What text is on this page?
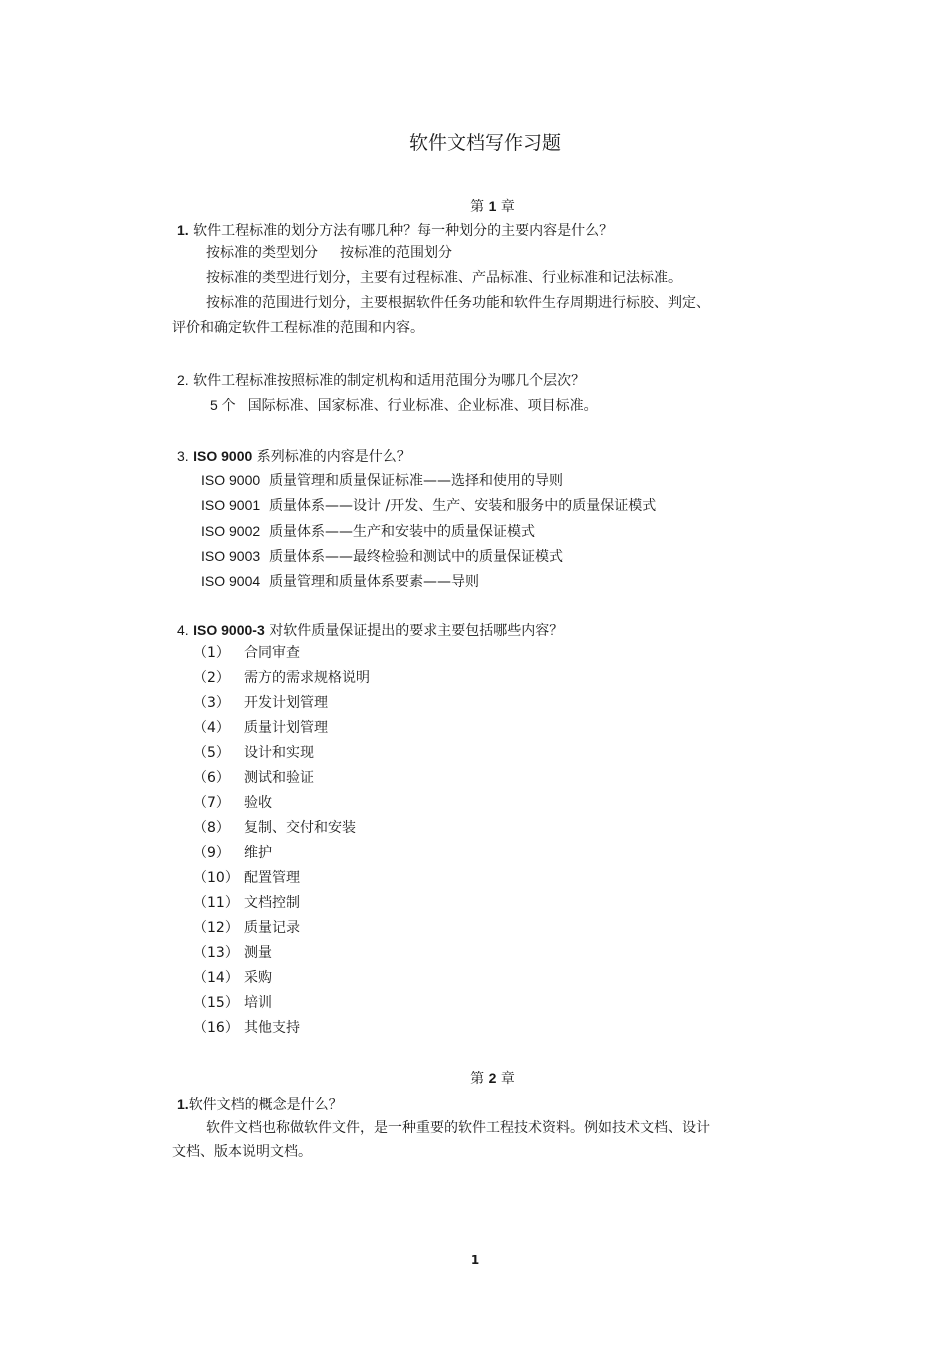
软件文档写作习题
第 1 章
1. 软件工程标准的划分方法有哪几种？每一种划分的主要内容是什么？
按标准的类型划分 按标准的范围划分
按标准的类型进行划分，主要有过程标准、产品标准、行业标准和记法标准。
按标准的范围进行划分，主要根据软件任务功能和软件生存周期进行标胶、判定、
评价和确定软件工程标准的范围和内容。
2. 软件工程标准按照标准的制定机构和适用范围分为哪几个层次？
5 个 国际标准、国家标准、行业标准、企业标准、项目标准。
3. ISO 9000 系列标准的内容是什么？
ISO 9000 质量管理和质量保证标准——选择和使用的导则
ISO 9001 质量体系——设计 /开发、生产、安装和服务中的质量保证模式
ISO 9002 质量体系——生产和安装中的质量保证模式
ISO 9003 质量体系——最终检验和测试中的质量保证模式
ISO 9004 质量管理和质量体系要素——导则
4. ISO 9000-3 对软件质量保证提出的要求主要包括哪些内容？
（1）	合同审查
（2）	需方的需求规格说明
（3）	开发计划管理
（4）	质量计划管理
（5）	设计和实现
（6）	测试和验证
（7）	验收
（8）	复制、交付和安装
（9）	维护
（10） 配置管理
（11） 文档控制
（12） 质量记录
（13） 测量
（14） 采购
（15） 培训
（16） 其他支持
第 2 章
1.软件文档的概念是什么？
软件文档也称做软件文件，是一种重要的软件工程技术资料。例如技术文档、设计
文档、版本说明文档。
1
